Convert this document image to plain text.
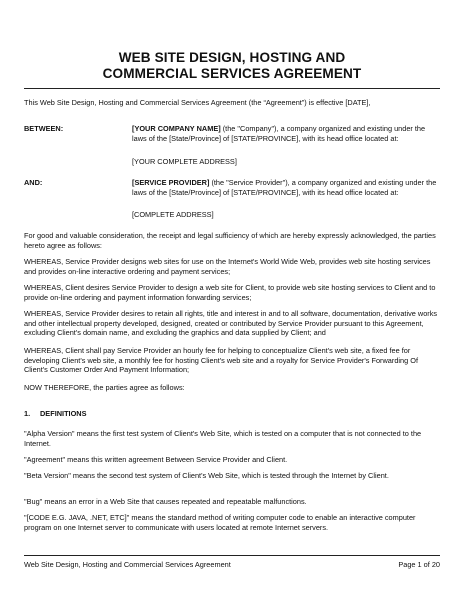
WEB SITE DESIGN, HOSTING AND
COMMERCIAL SERVICES AGREEMENT

This Web Site Design, Hosting and Commercial Services Agreement (the “Agreement”) is effective [DATE],

BETWEEN:	[YOUR COMPANY NAME] (the "Company"), a company organized and existing under the laws of the [State/Province] of [STATE/PROVINCE], with its head office located at:

[YOUR COMPLETE ADDRESS]

AND:	[SERVICE PROVIDER] (the "Service Provider"), a company organized and existing under the laws of the [State/Province] of [STATE/PROVINCE], with its head office located at:

[COMPLETE ADDRESS]

For good and valuable consideration, the receipt and legal sufficiency of which are hereby expressly acknowledged, the parties hereto agree as follows:

WHEREAS, Service Provider designs web sites for use on the Internet's World Wide Web, provides web site hosting services and provides on-line interactive ordering and payment services;

WHEREAS, Client desires Service Provider to design a web site for Client, to provide web site hosting services to Client and to provide on-line ordering and payment information forwarding services;

WHEREAS, Service Provider desires to retain all rights, title and interest in and to all software, documentation, derivative works and other intellectual property developed, designed, created or contributed by Service Provider pursuant to this Agreement, excluding Client's domain name, and excluding the graphics and data supplied by Client; and

WHEREAS, Client shall pay Service Provider an hourly fee for helping to conceptualize Client's web site, a fixed fee for developing Client's web site, a monthly fee for hosting Client's web site and a royalty for Service Provider's Forwarding Of Client's Customer Order And Payment Information;

NOW THEREFORE, the parties agree as follows:

1. DEFINITIONS

"Alpha Version" means the first test system of Client's Web Site, which is tested on a computer that is not connected to the Internet.

"Agreement" means this written agreement Between Service Provider and Client.

"Beta Version" means the second test system of Client's Web Site, which is tested through the Internet by Client.

"Bug" means an error in a Web Site that causes repeated and repeatable malfunctions.

"[CODE E.G. JAVA, .NET, ETC]" means the standard method of writing computer code to enable an interactive computer program on one Internet server to communicate with users located at remote Internet servers.

Web Site Design, Hosting and Commercial Services Agreement	Page 1 of 20
